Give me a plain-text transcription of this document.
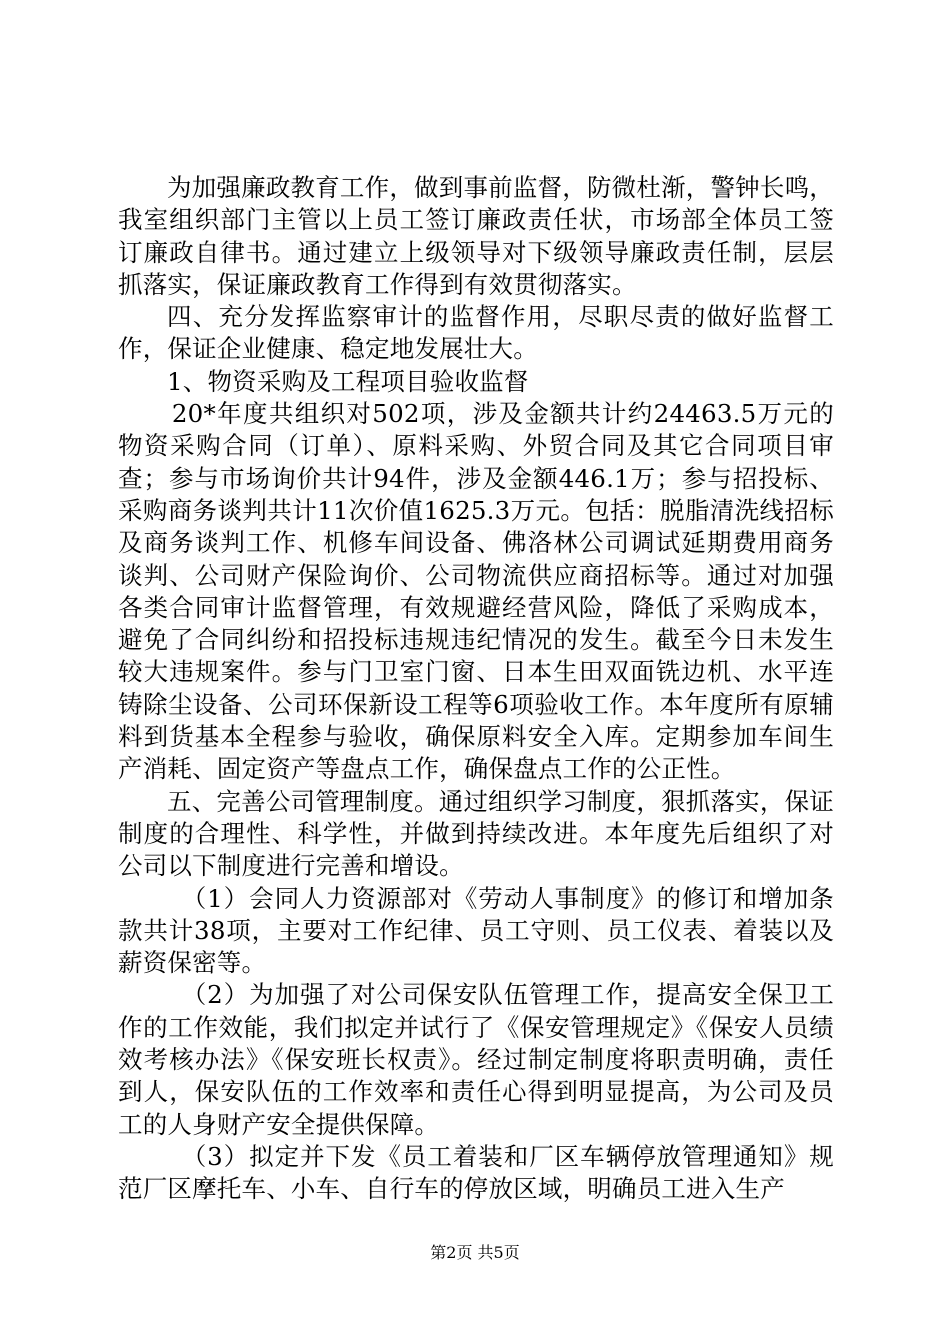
为加强廉政教育工作，做到事前监督，防微杜渐，警钟长鸣，我室组织部门主管以上员工签订廉政责任状，市场部全体员工签订廉政自律书。通过建立上级领导对下级领导廉政责任制，层层抓落实，保证廉政教育工作得到有效贯彻落实。

四、充分发挥监察审计的监督作用，尽职尽责的做好监督工作，保证企业健康、稳定地发展壮大。

1、物资采购及工程项目验收监督

20*年度共组织对502项，涉及金额共计约24463.5万元的物资采购合同（订单）、原料采购、外贸合同及其它合同项目审查；参与市场询价共计94件，涉及金额446.1万；参与招投标、采购商务谈判共计11次价值1625.3万元。包括：脱脂清洗线招标及商务谈判工作、机修车间设备、佛洛林公司调试延期费用商务谈判、公司财产保险询价、公司物流供应商招标等。通过对加强各类合同审计监督管理，有效规避经营风险，降低了采购成本，避免了合同纠纷和招投标违规违纪情况的发生。截至今日未发生较大违规案件。参与门卫室门窗、日本生田双面铣边机、水平连铸除尘设备、公司环保新设工程等6项验收工作。本年度所有原辅料到货基本全程参与验收，确保原料安全入库。定期参加车间生产消耗、固定资产等盘点工作，确保盘点工作的公正性。

五、完善公司管理制度。通过组织学习制度，狠抓落实，保证制度的合理性、科学性，并做到持续改进。本年度先后组织了对公司以下制度进行完善和增设。

（1）会同人力资源部对《劳动人事制度》的修订和增加条款共计38项，主要对工作纪律、员工守则、员工仪表、着装以及薪资保密等。

（2）为加强了对公司保安队伍管理工作，提高安全保卫工作的工作效能，我们拟定并试行了《保安管理规定》《保安人员绩效考核办法》《保安班长权责》。经过制定制度将职责明确，责任到人，保安队伍的工作效率和责任心得到明显提高，为公司及员工的人身财产安全提供保障。

（3）拟定并下发《员工着装和厂区车辆停放管理通知》规范厂区摩托车、小车、自行车的停放区域，明确员工进入生产

第2页 共5页
